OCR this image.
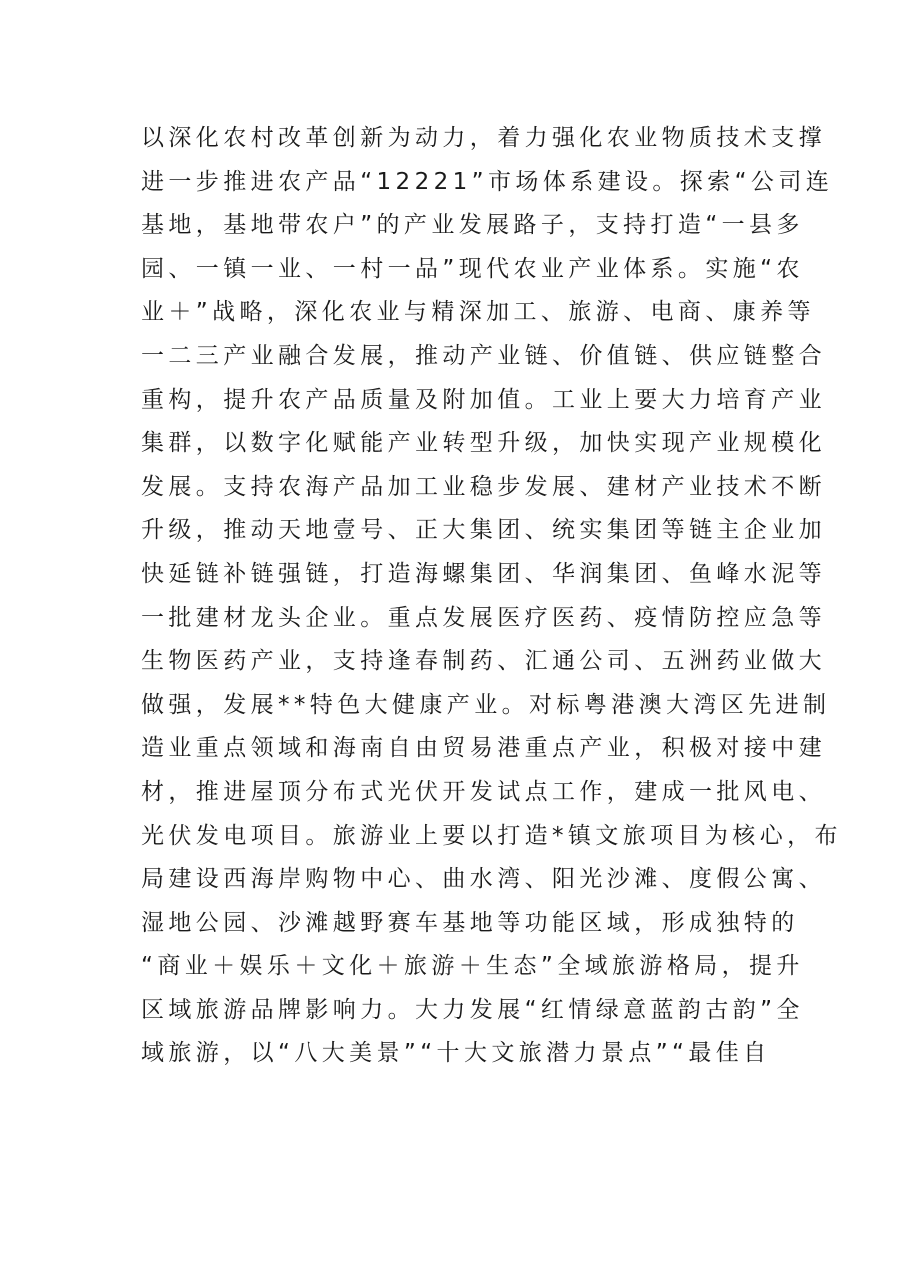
以深化农村改革创新为动力，着力强化农业物质技术支撑
进一步推进农产品“12221”市场体系建设。探索“公司连
基地，基地带农户”的产业发展路子，支持打造“一县多
园、一镇一业、一村一品”现代农业产业体系。实施“农
业＋”战略，深化农业与精深加工、旅游、电商、康养等
一二三产业融合发展，推动产业链、价值链、供应链整合
重构，提升农产品质量及附加值。工业上要大力培育产业
集群，以数字化赋能产业转型升级，加快实现产业规模化
发展。支持农海产品加工业稳步发展、建材产业技术不断
升级，推动天地壹号、正大集团、统实集团等链主企业加
快延链补链强链，打造海螺集团、华润集团、鱼峰水泥等
一批建材龙头企业。重点发展医疗医药、疫情防控应急等
生物医药产业，支持逢春制药、汇通公司、五洲药业做大
做强，发展**特色大健康产业。对标粤港澳大湾区先进制
造业重点领域和海南自由贸易港重点产业，积极对接中建
材，推进屋顶分布式光伏开发试点工作，建成一批风电、
光伏发电项目。旅游业上要以打造*镇文旅项目为核心，布
局建设西海岸购物中心、曲水湾、阳光沙滩、度假公寓、
湿地公园、沙滩越野赛车基地等功能区域，形成独特的
“商业＋娱乐＋文化＋旅游＋生态”全域旅游格局，提升
区域旅游品牌影响力。大力发展“红情绿意蓝韵古韵”全
域旅游，以“八大美景”“十大文旅潜力景点”“最佳自
